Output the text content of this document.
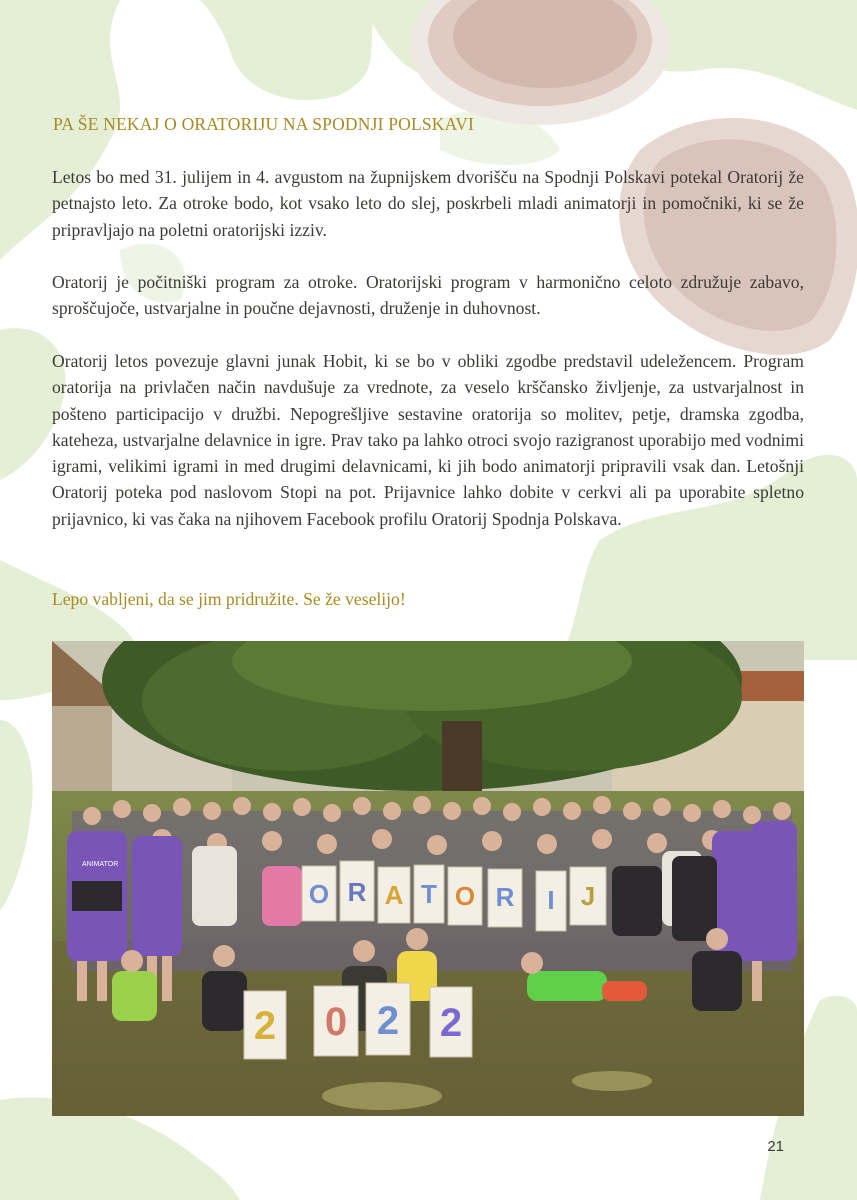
PA ŠE NEKAJ O ORATORIJU NA SPODNJI POLSKAVI

Letos bo med 31. julijem in 4. avgustom na župnijskem dvorišču na Spodnji Polskavi potekal Oratorij že petnajsto leto. Za otroke bodo, kot vsako leto do slej, poskrbeli mladi animatorji in pomočniki, ki se že pripravljajo na poletni oratorijski izziv.

Oratorij je počitniški program za otroke. Oratorijski program v harmonično celoto združuje zabavo, sproščujoče, ustvarjalne in poučne dejavnosti, druženje in duhovnost.

Oratorij letos povezuje glavni junak Hobit, ki se bo v obliki zgodbe predstavil udeležencem. Program oratorija na privlačen način navdušuje za vrednote, za veselo krščansko življenje, za ustvarjalnost in pošteno participacijo v družbi. Nepogrešljive sestavine oratorija so molitev, petje, dramska zgodba, kateheza, ustvarjalne delavnice in igre. Prav tako pa lahko otroci svojo razigranost uporabijo med vodnimi igrami, velikimi igrami in med drugimi delavnicami, ki jih bodo animatorji pripravili vsak dan. Letošnji Oratorij poteka pod naslovom Stopi na pot. Prijavnice lahko dobite v cerkvi ali pa uporabite spletno prijavnico, ki vas čaka na njihovem Facebook profilu Oratorij Spodnja Polskava.

Lepo vabljeni, da se jim pridružite. Se že veselijo!

O R A T O R I J
2 0 2 2
ANIMATOR
21
